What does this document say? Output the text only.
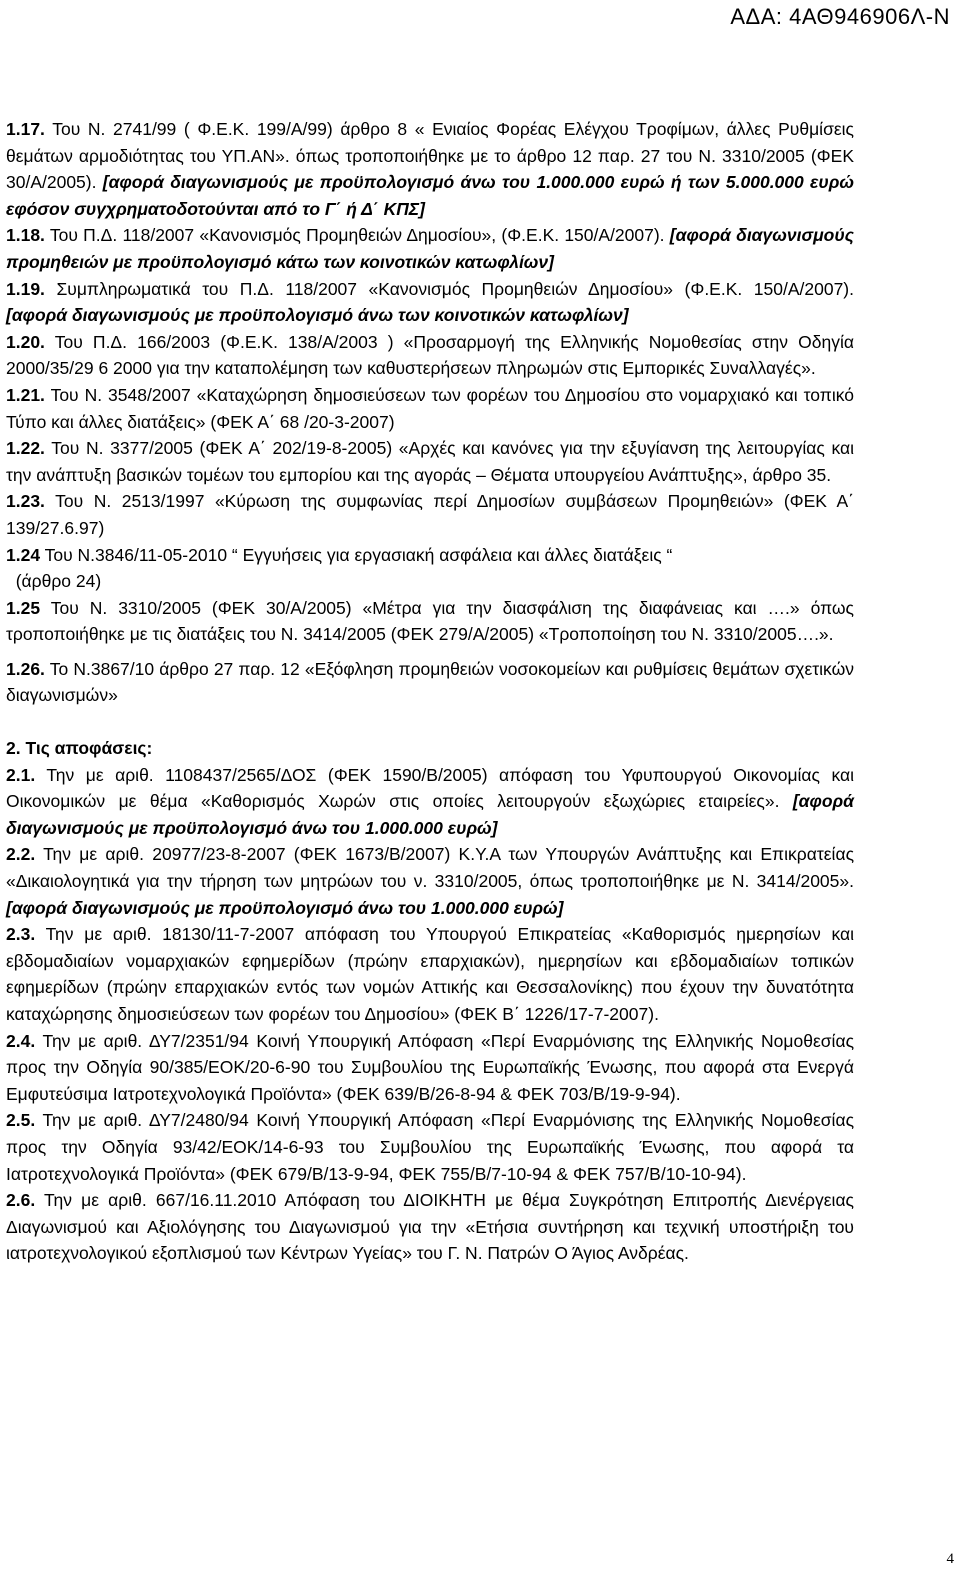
ΑΔΑ: 4ΑΘ946906Λ-Ν

1.17. Του Ν. 2741/99 ( Φ.Ε.Κ. 199/Α/99) άρθρο 8 « Ενιαίος Φορέας Ελέγχου Τροφίμων, άλλες Ρυθμίσεις θεμάτων αρμοδιότητας του ΥΠ.ΑΝ». όπως τροποποιήθηκε με το άρθρο 12 παρ. 27 του Ν. 3310/2005 (ΦΕΚ 30/Α/2005). [αφορά διαγωνισμούς με προϋπολογισμό άνω του 1.000.000 ευρώ ή των 5.000.000 ευρώ εφόσον συγχρηματοδοτούνται από το Γ΄ ή Δ΄ ΚΠΣ]

1.18. Του Π.Δ. 118/2007 «Κανονισμός Προμηθειών Δημοσίου», (Φ.Ε.Κ. 150/Α/2007). [αφορά διαγωνισμούς προμηθειών με προϋπολογισμό κάτω των κοινοτικών κατωφλίων]

1.19. Συμπληρωματικά του Π.Δ. 118/2007 «Κανονισμός Προμηθειών Δημοσίου» (Φ.Ε.Κ. 150/Α/2007). [αφορά διαγωνισμούς με προϋπολογισμό άνω των κοινοτικών κατωφλίων]

1.20. Του Π.Δ. 166/2003 (Φ.Ε.Κ. 138/Α/2003 ) «Προσαρμογή της Ελληνικής Νομοθεσίας στην Οδηγία 2000/35/29 6 2000 για την καταπολέμηση των καθυστερήσεων πληρωμών στις Εμπορικές Συναλλαγές».

1.21. Του Ν. 3548/2007 «Καταχώρηση δημοσιεύσεων των φορέων του Δημοσίου στο νομαρχιακό και τοπικό Τύπο και άλλες διατάξεις» (ΦΕΚ Α΄ 68 /20-3-2007)

1.22. Του Ν. 3377/2005 (ΦΕΚ Α΄ 202/19-8-2005) «Αρχές και κανόνες για την εξυγίανση της λειτουργίας και την ανάπτυξη βασικών τομέων του εμπορίου και της αγοράς – Θέματα υπουργείου Ανάπτυξης», άρθρο 35.

1.23. Του Ν. 2513/1997 «Κύρωση της συμφωνίας περί Δημοσίων συμβάσεων Προμηθειών» (ΦΕΚ Α΄ 139/27.6.97)

1.24 Του Ν.3846/11-05-2010 “ Εγγυήσεις για εργασιακή ασφάλεια και άλλες διατάξεις “

(άρθρο 24)

1.25 Του Ν. 3310/2005 (ΦΕΚ 30/Α/2005) «Μέτρα για την διασφάλιση της διαφάνειας και ….» όπως τροποποιήθηκε με τις διατάξεις του Ν. 3414/2005 (ΦΕΚ 279/Α/2005) «Τροποποίηση του Ν. 3310/2005….».

1.26. Το Ν.3867/10 άρθρο 27 παρ. 12 «Εξόφληση προμηθειών νοσοκομείων και ρυθμίσεις θεμάτων σχετικών διαγωνισμών»

2. Τις αποφάσεις:

2.1. Την με αριθ. 1108437/2565/ΔΟΣ (ΦΕΚ 1590/Β/2005) απόφαση του Υφυπουργού Οικονομίας και Οικονομικών με θέμα «Καθορισμός Χωρών στις οποίες λειτουργούν εξωχώριες εταιρείες». [αφορά διαγωνισμούς με προϋπολογισμό άνω του 1.000.000 ευρώ]

2.2. Την με αριθ. 20977/23-8-2007 (ΦΕΚ 1673/Β/2007) Κ.Υ.Α των Υπουργών Ανάπτυξης και Επικρατείας «Δικαιολογητικά για την τήρηση των μητρώων του ν. 3310/2005, όπως τροποποιήθηκε με Ν. 3414/2005». [αφορά διαγωνισμούς με προϋπολογισμό άνω του 1.000.000 ευρώ]

2.3. Την με αριθ. 18130/11-7-2007 απόφαση του Υπουργού Επικρατείας «Καθορισμός ημερησίων και εβδομαδιαίων νομαρχιακών εφημερίδων (πρώην επαρχιακών), ημερησίων και εβδομαδιαίων τοπικών εφημερίδων (πρώην επαρχιακών εντός των νομών Αττικής και Θεσσαλονίκης) που έχουν την δυνατότητα καταχώρησης δημοσιεύσεων των φορέων του Δημοσίου» (ΦΕΚ Β΄ 1226/17-7-2007).

2.4. Την με αριθ. ΔΥ7/2351/94 Κοινή Υπουργική Απόφαση «Περί Εναρμόνισης της Ελληνικής Νομοθεσίας προς την Οδηγία 90/385/ΕΟΚ/20-6-90 του Συμβουλίου της Ευρωπαϊκής Ένωσης, που αφορά στα Ενεργά Εμφυτεύσιμα Ιατροτεχνολογικά Προϊόντα» (ΦΕΚ 639/Β/26-8-94 & ΦΕΚ 703/Β/19-9-94).

2.5. Την με αριθ. ΔΥ7/2480/94 Κοινή Υπουργική Απόφαση «Περί Εναρμόνισης της Ελληνικής Νομοθεσίας προς την Οδηγία 93/42/ΕΟΚ/14-6-93 του Συμβουλίου της Ευρωπαϊκής Ένωσης, που αφορά τα Ιατροτεχνολογικά Προϊόντα» (ΦΕΚ 679/Β/13-9-94, ΦΕΚ 755/Β/7-10-94 & ΦΕΚ 757/Β/10-10-94).

2.6. Την με αριθ. 667/16.11.2010 Απόφαση του ΔΙΟΙΚΗΤΗ με θέμα Συγκρότηση Επιτροπής Διενέργειας Διαγωνισμού και Αξιολόγησης του Διαγωνισμού για την «Ετήσια συντήρηση και τεχνική υποστήριξη του ιατροτεχνολογικού εξοπλισμού των Κέντρων Υγείας» του Γ. Ν. Πατρών Ο Άγιος Ανδρέας.

4
